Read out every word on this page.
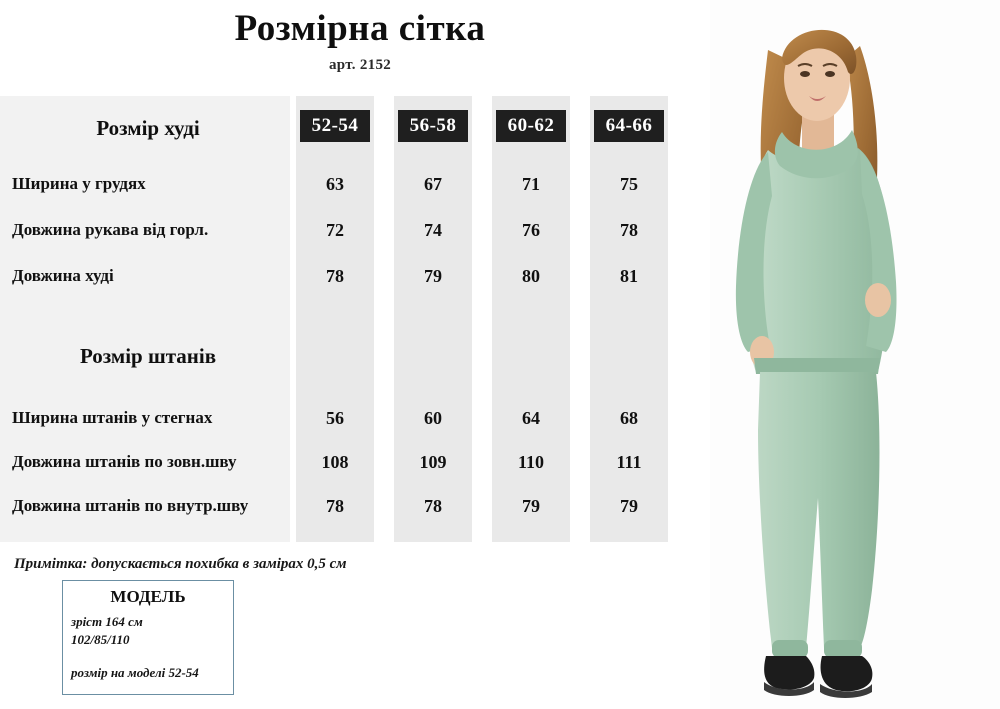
Розмірна сітка
арт. 2152
52-54	56-58	60-62	64-66
Розмір худі
Ширина у грудях	63	67	71	75
Довжина рукава від горл.	72	74	76	78
Довжина худі	78	79	80	81
Розмір штанів
Ширина штанів у стегнах	56	60	64	68
Довжина штанів по зовн.шву	108	109	110	111
Довжина штанів по внутр.шву	78	78	79	79
Примітка: допускається похибка в замірах 0,5 см
МОДЕЛЬ
зріст 164 см
102/85/110
розмір на моделі 52-54
